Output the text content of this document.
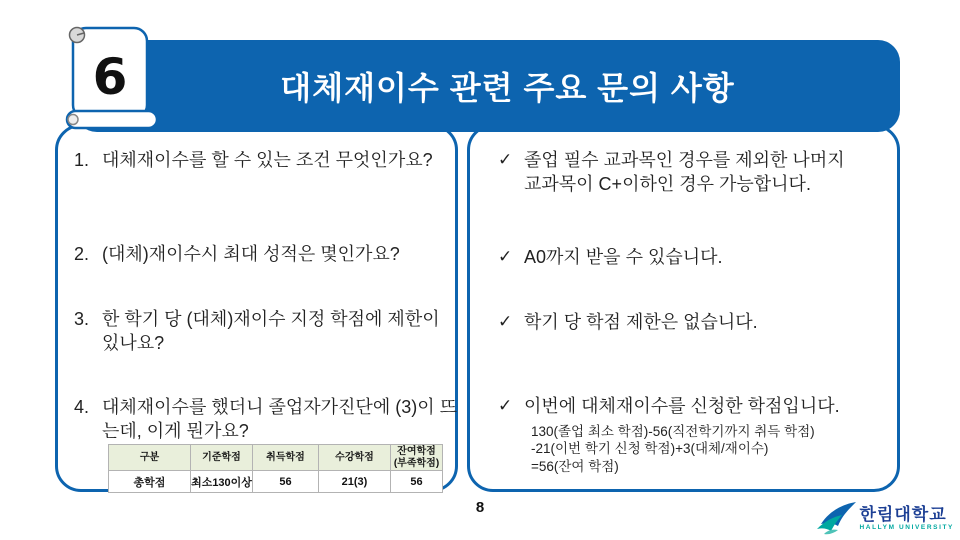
1. 대체재이수를 할 수 있는 조건 무엇인가요?
2. (대체)재이수시 최대 성적은 몇인가요?
3. 한 학기 당 (대체)재이수 지정 학점에 제한이 있나요?
4. 대체재이수를 했더니 졸업자가진단에 (3)이 뜨는데, 이게 뭔가요?
구분	기준학점	취득학점	수강학점	잔여학점
(부족학점)
총학점	최소130이상	56	21(3)	56
✓ 졸업 필수 교과목인 경우를 제외한 나머지 교과목이 C+이하인 경우 가능합니다.
✓ A0까지 받을 수 있습니다.
✓ 학기 당 학점 제한은 없습니다.
✓ 이번에 대체재이수를 신청한 학점입니다.
130(졸업 최소 학점)-56(직전학기까지 취득 학점)
-21(이번 학기 신청 학점)+3(대체/재이수)
=56(잔여 학점)
대체재이수 관련 주요 문의 사항
6
8	한림대학교
HALLYM UNIVERSITY
